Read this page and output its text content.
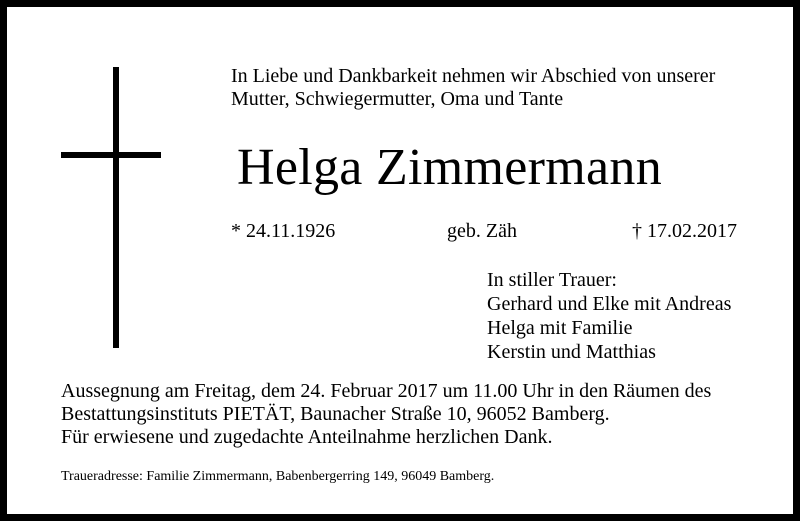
In Liebe und Dankbarkeit nehmen wir Abschied von unserer
Mutter, Schwiegermutter, Oma und Tante
Helga Zimmermann
* 24.11.1926	geb. Zäh	† 17.02.2017
In stiller Trauer:
Gerhard und Elke mit Andreas
Helga mit Familie
Kerstin und Matthias
Aussegnung am Freitag, dem 24. Februar 2017 um 11.00 Uhr in den Räumen des
Bestattungsinstituts PIETÄT, Baunacher Straße 10, 96052 Bamberg.
Für erwiesene und zugedachte Anteilnahme herzlichen Dank.
Traueradresse: Familie Zimmermann, Babenbergerring 149, 96049 Bamberg.
